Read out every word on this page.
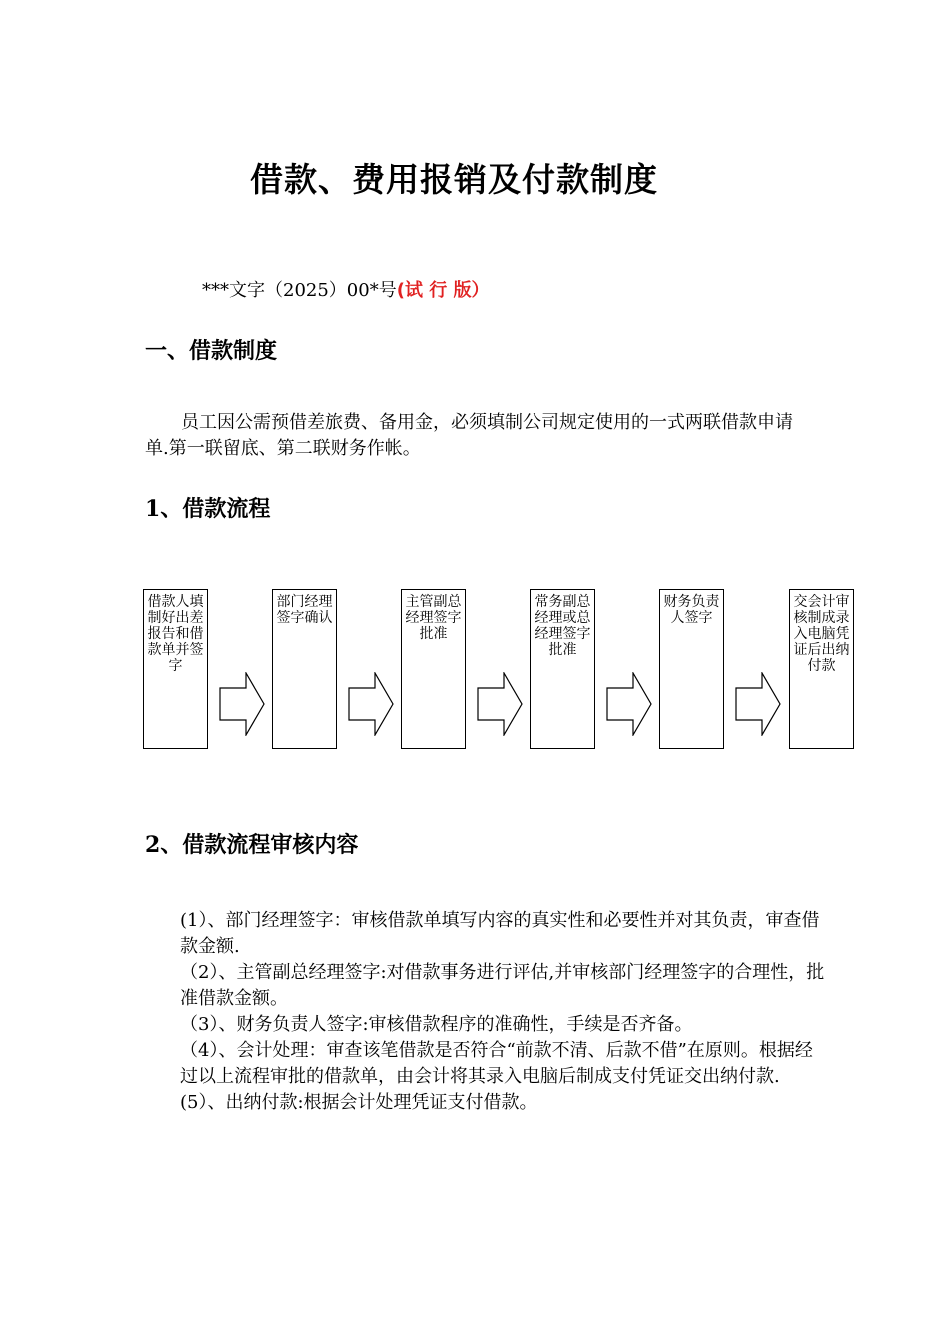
借款、费用报销及付款制度
***文字（2025）00*号(试 行 版）
一、借款制度
员工因公需预借差旅费、备用金，必须填制公司规定使用的一式两联借款申请单.第一联留底、第二联财务作帐。
1、借款流程
借款人填制好出差报告和借款单并签字
部门经理签字确认
主管副总经理签字批准
常务副总经理或总经理签字批准
财务负责人签字
交会计审核制成录入电脑凭证后出纳付款
2、借款流程审核内容
(1）、部门经理签字：审核借款单填写内容的真实性和必要性并对其负责，审查借款金额.
（2）、主管副总经理签字:对借款事务进行评估,并审核部门经理签字的合理性，批准借款金额。
（3）、财务负责人签字:审核借款程序的准确性，手续是否齐备。
（4）、会计处理：审查该笔借款是否符合“前款不清、后款不借”在原则。根据经过以上流程审批的借款单，由会计将其录入电脑后制成支付凭证交出纳付款.
(5）、出纳付款:根据会计处理凭证支付借款。
